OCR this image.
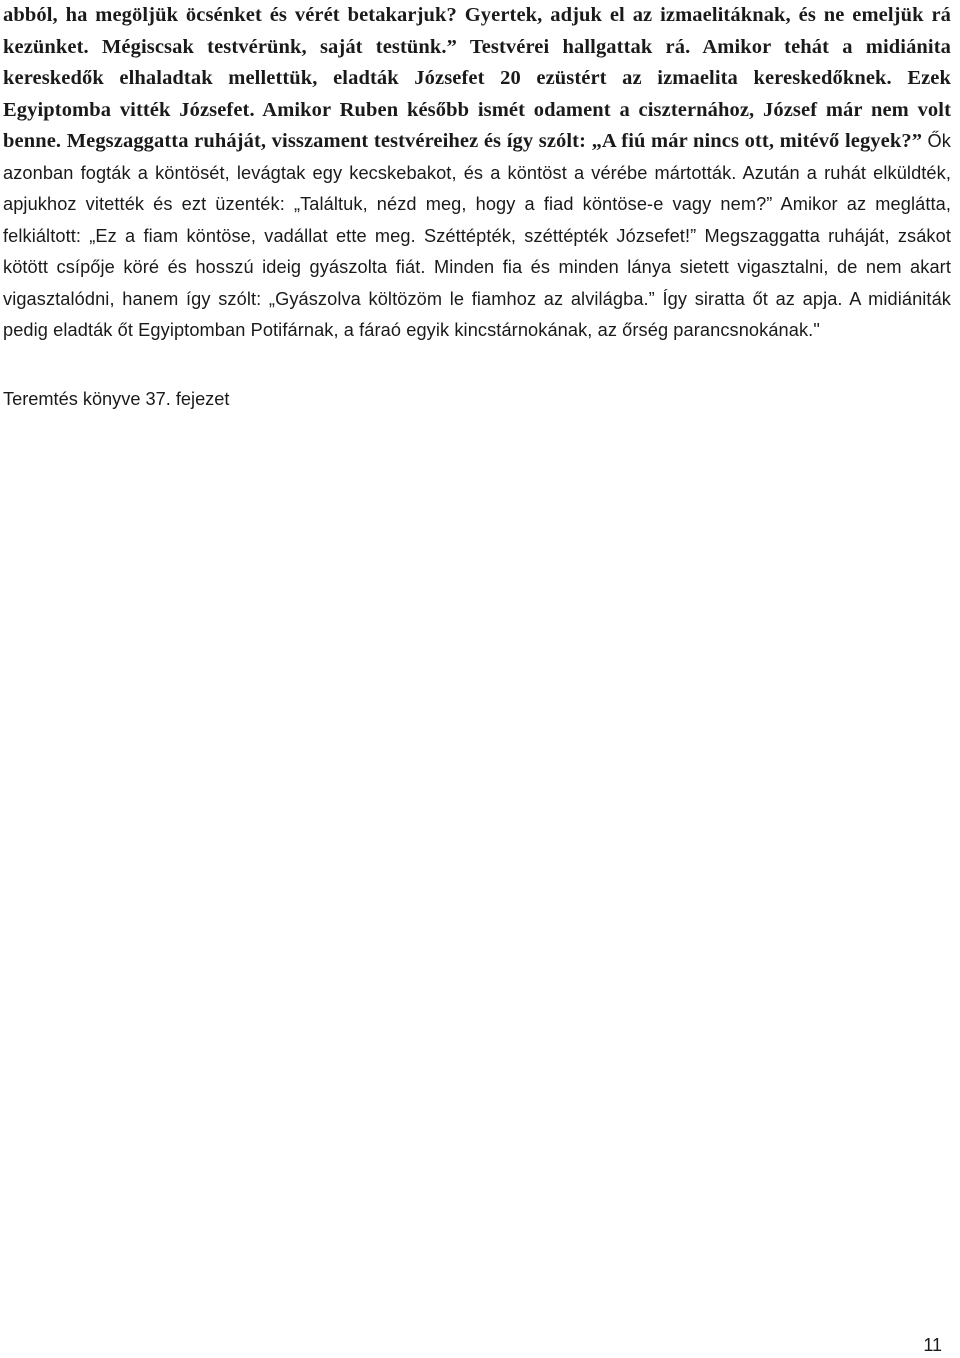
abból, ha megöljük öcsénket és vérét betakarjuk? Gyertek, adjuk el az izmaelitáknak, és ne emeljük rá kezünket. Mégiscsak testvérünk, saját testünk.” Testvérei hallgattak rá. Amikor tehát a midiánita kereskedők elhaladtak mellettük, eladták Józsefet 20 ezüstért az izmaelita kereskedőknek. Ezek Egyiptomba vitték Józsefet. Amikor Ruben később ismét odament a ciszternához, József már nem volt benne. Megszaggatta ruháját, visszament testvéreihez és így szólt: „A fiú már nincs ott, mitévő legyek?” Ők azonban fogták a köntösét, levágtak egy kecskebakot, és a köntöst a vérébe mártották. Azután a ruhát elküldték, apjukhoz vitették és ezt üzenték: „Találtuk, nézd meg, hogy a fiad köntöse-e vagy nem?” Amikor az meglátta, felkiáltott: „Ez a fiam köntöse, vadállat ette meg. Széttépték, széttépték Józsefet!” Megszaggatta ruháját, zsákot kötött csípője köré és hosszú ideig gyászolta fiát. Minden fia és minden lánya sietett vigasztalni, de nem akart vigasztalódni, hanem így szólt: „Gyászolva költözöm le fiamhoz az alvilágba.” Így siratta őt az apja. A midiániták pedig eladták őt Egyiptomban Potifárnak, a fáraó egyik kincstárnokának, az őrség parancsnokának."

Teremtés könyve 37. fejezet

11
